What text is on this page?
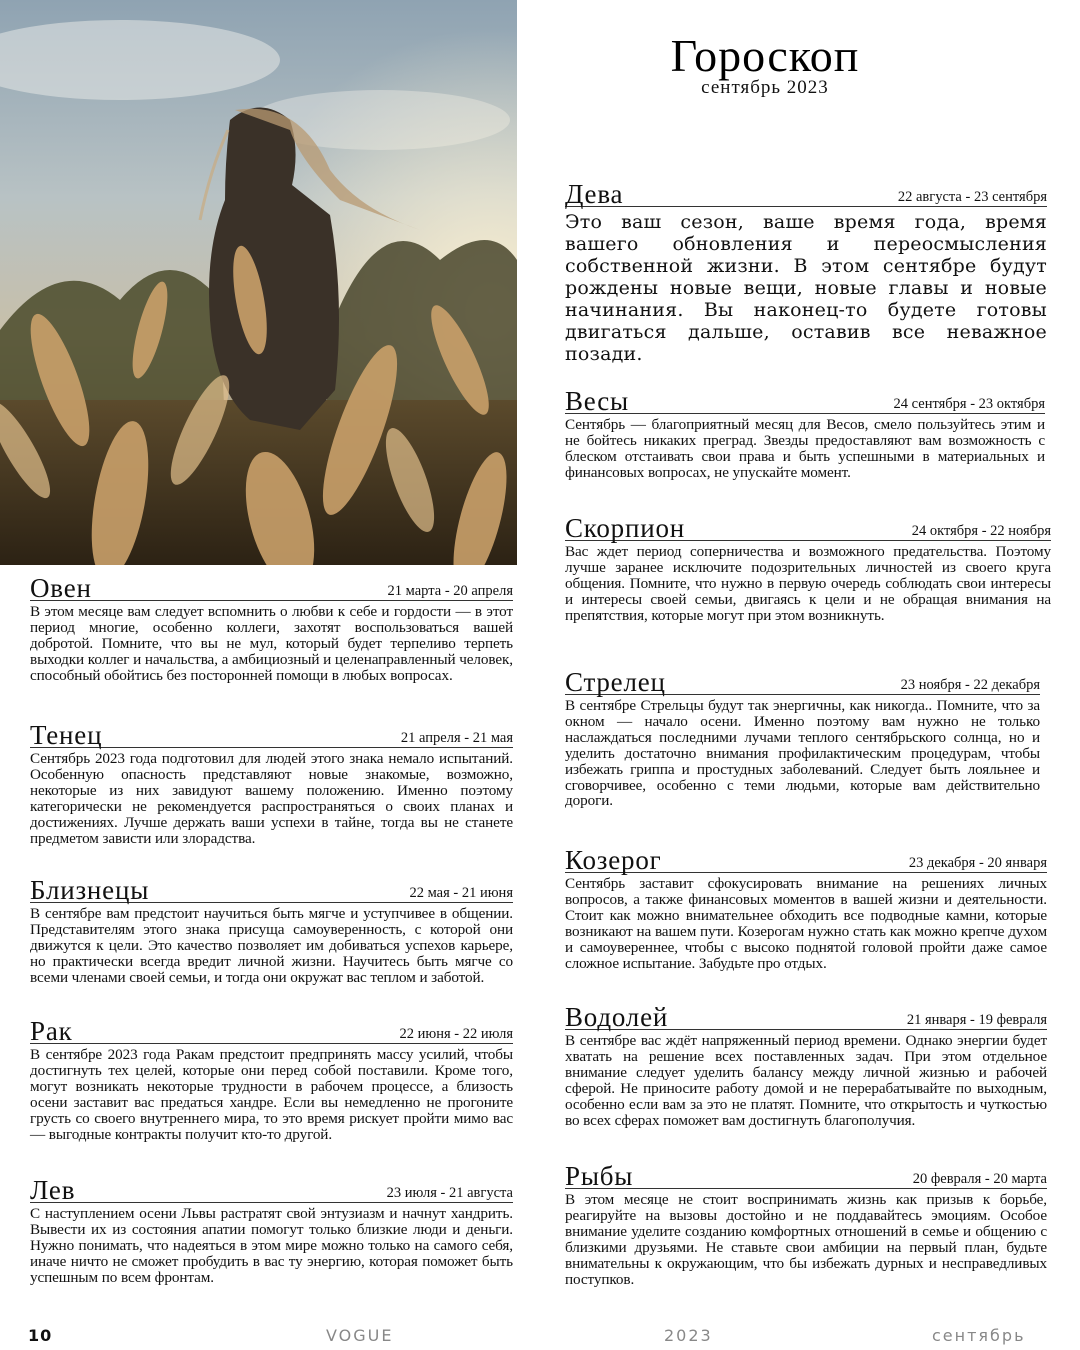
Гороскоп
сентябрь 2023
Овен	21 марта - 20 апреля

В этом месяце вам следует вспомнить о любви к себе и гордости — в этот период многие, особенно коллеги, захотят воспользоваться вашей добротой. Помните, что вы не мул, который будет терпеливо терпеть выходки коллег и начальства, а амбициозный и целенаправленный человек, способный обойтись без посторонней помощи в любых вопросах.

Тенец	21 апреля - 21 мая

Сентябрь 2023 года подготовил для людей этого знака немало испытаний. Особенную опасность представляют новые знакомые, возможно, некоторые из них завидуют вашему положению. Именно поэтому категорически не рекомендуется распространяться о своих планах и достижениях. Лучше держать ваши успехи в тайне, тогда вы не станете предметом зависти или злорадства.

Близнецы	22 мая - 21 июня

В сентябре вам предстоит научиться быть мягче и уступчивее в общении. Представителям этого знака присуща самоуверенность, с которой они движутся к цели. Это качество позволяет им добиваться успехов карьере, но практически всегда вредит личной жизни. Научитесь быть мягче со всеми членами своей семьи, и тогда они окружат вас теплом и заботой.

Рак	22 июня - 22 июля

В сентябре 2023 года Ракам предстоит предпринять массу усилий, чтобы достигнуть тех целей, которые они перед собой поставили. Кроме того, могут возникать некоторые трудности в рабочем процессе, а близость осени заставит вас предаться хандре. Если вы немедленно не прогоните грусть со своего внутреннего мира, то это время рискует пройти мимо вас — выгодные контракты получит кто-то другой.

Лев	23 июля - 21 августа

С наступлением осени Львы растратят свой энтузиазм и начнут хандрить. Вывести их из состояния апатии помогут только близкие люди и деньги. Нужно понимать, что надеяться в этом мире можно только на самого себя, иначе ничто не сможет пробудить в вас ту энергию, которая поможет быть успешным по всем фронтам.

Дева	22 августа - 23 сентября

Это ваш сезон, ваше время года, время вашего обновления и переосмысления собственной жизни. В этом сентябре будут рождены новые вещи, новые главы и новые начинания. Вы наконец-то будете готовы двигаться дальше, оставив все неважное позади.

Весы	24 сентября - 23 октября

Сентябрь — благоприятный месяц для Весов, смело пользуйтесь этим и не бойтесь никаких преград. Звезды предоставляют вам возможность с блеском отстаивать свои права и быть успешными в материальных и финансовых вопросах, не упускайте момент.

Скорпион	24 октября - 22 ноября

Вас ждет период соперничества и возможного предательства. Поэтому лучше заранее исключите подозрительных личностей из своего круга общения. Помните, что нужно в первую очередь соблюдать свои интересы и интересы своей семьи, двигаясь к цели и не обращая внимания на препятствия, которые могут при этом возникнуть.

Стрелец	23 ноября - 22 декабря

В сентябре Стрельцы будут так энергичны, как никогда.. Помните, что за окном — начало осени. Именно поэтому вам нужно не только наслаждаться последними лучами теплого сентябрьского солнца, но и уделить достаточно внимания профилактическим процедурам, чтобы избежать гриппа и простудных заболеваний. Следует быть лояльнее и сговорчивее, особенно с теми людьми, которые вам действительно дороги.

Козерог	23 декабря - 20 января

Сентябрь заставит сфокусировать внимание на решениях личных вопросов, а также финансовых моментов в вашей жизни и деятельности. Стоит как можно внимательнее обходить все подводные камни, которые возникают на вашем пути. Козерогам нужно стать как можно крепче духом и самоувереннее, чтобы с высоко поднятой головой пройти даже самое сложное испытание. Забудьте про отдых.

Водолей	21 января - 19 февраля

В сентябре вас ждёт напряженный период времени. Однако энергии будет хватать на решение всех поставленных задач. При этом отдельное внимание следует уделить балансу между личной жизнью и рабочей сферой. Не приносите работу домой и не перерабатывайте по выходным, особенно если вам за это не платят. Помните, что открытость и чуткостью во всех сферах поможет вам достигнуть благополучия.

Рыбы	20 февраля - 20 марта

В этом месяце не стоит воспринимать жизнь как призыв к борьбе, реагируйте на вызовы достойно и не поддавайтесь эмоциям. Особое внимание уделите созданию комфортных отношений в семье и общению с близкими друзьями. Не ставьте свои амбиции на первый план, будьте внимательны к окружающим, что бы избежать дурных и несправедливых поступков.

10	VOGUE	2023	сентябрь
